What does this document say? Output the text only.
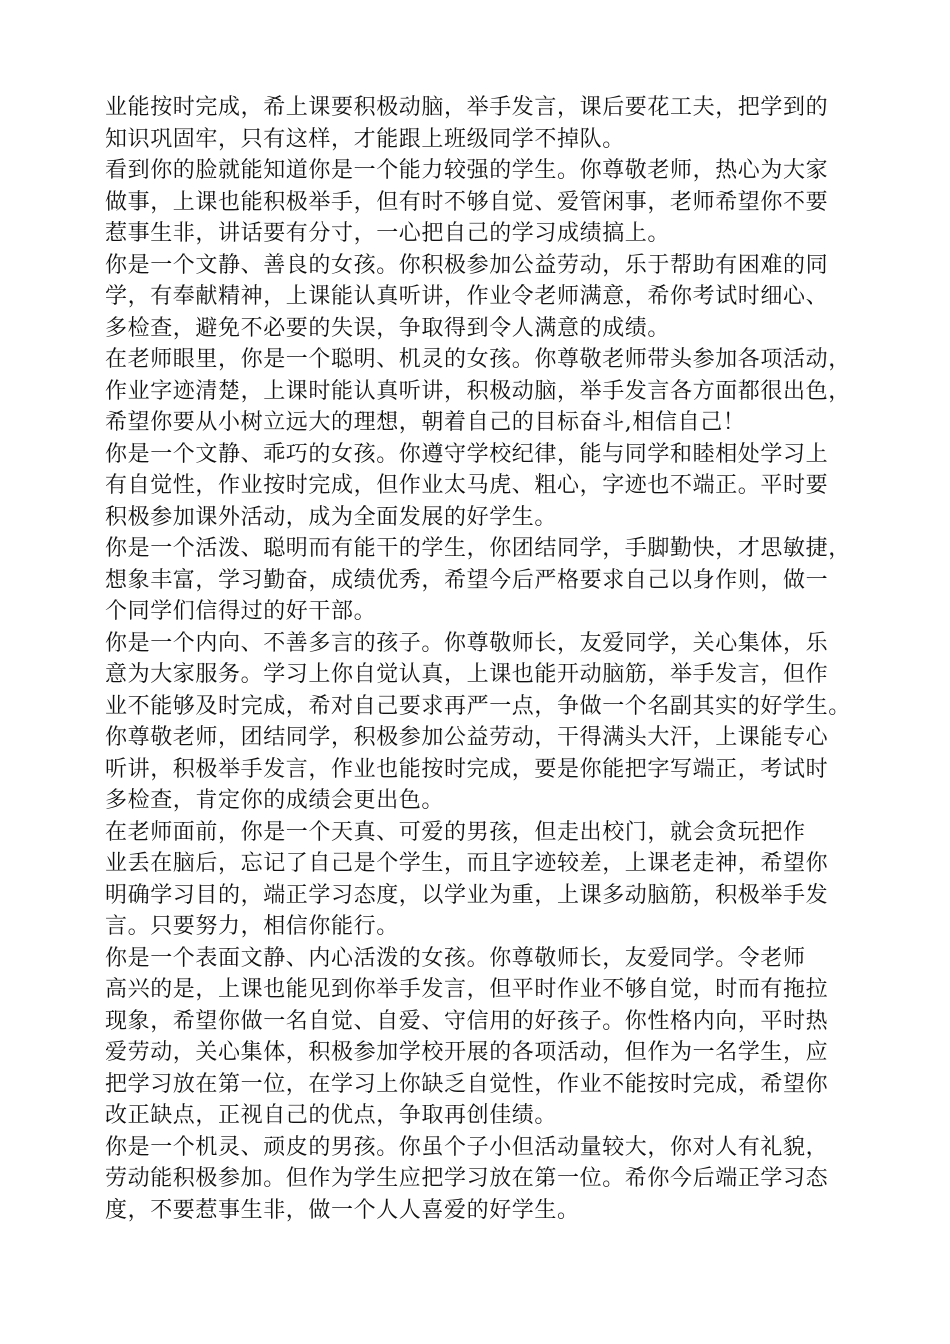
业能按时完成，希上课要积极动脑，举手发言，课后要花工夫，把学到的
知识巩固牢，只有这样，才能跟上班级同学不掉队。
看到你的脸就能知道你是一个能力较强的学生。你尊敬老师，热心为大家
做事，上课也能积极举手，但有时不够自觉、爱管闲事，老师希望你不要
惹事生非，讲话要有分寸，一心把自己的学习成绩搞上。
你是一个文静、善良的女孩。你积极参加公益劳动，乐于帮助有困难的同
学，有奉献精神，上课能认真听讲，作业令老师满意，希你考试时细心、
多检查，避免不必要的失误，争取得到令人满意的成绩。
在老师眼里，你是一个聪明、机灵的女孩。你尊敬老师带头参加各项活动，
作业字迹清楚，上课时能认真听讲，积极动脑，举手发言各方面都很出色，
希望你要从小树立远大的理想，朝着自己的目标奋斗,相信自己！
你是一个文静、乖巧的女孩。你遵守学校纪律，能与同学和睦相处学习上
有自觉性，作业按时完成，但作业太马虎、粗心，字迹也不端正。平时要
积极参加课外活动，成为全面发展的好学生。
你是一个活泼、聪明而有能干的学生，你团结同学，手脚勤快，才思敏捷，
想象丰富，学习勤奋，成绩优秀，希望今后严格要求自己以身作则，做一
个同学们信得过的好干部。
你是一个内向、不善多言的孩子。你尊敬师长，友爱同学，关心集体，乐
意为大家服务。学习上你自觉认真，上课也能开动脑筋，举手发言，但作
业不能够及时完成，希对自己要求再严一点，争做一个名副其实的好学生。
你尊敬老师，团结同学，积极参加公益劳动，干得满头大汗，上课能专心
听讲，积极举手发言，作业也能按时完成，要是你能把字写端正，考试时
多检查，肯定你的成绩会更出色。
在老师面前，你是一个天真、可爱的男孩，但走出校门，就会贪玩把作
业丢在脑后，忘记了自己是个学生，而且字迹较差，上课老走神，希望你
明确学习目的，端正学习态度，以学业为重，上课多动脑筋，积极举手发
言。只要努力，相信你能行。
你是一个表面文静、内心活泼的女孩。你尊敬师长，友爱同学。令老师
高兴的是，上课也能见到你举手发言，但平时作业不够自觉，时而有拖拉
现象，希望你做一名自觉、自爱、守信用的好孩子。你性格内向，平时热
爱劳动，关心集体，积极参加学校开展的各项活动，但作为一名学生，应
把学习放在第一位，在学习上你缺乏自觉性，作业不能按时完成，希望你
改正缺点，正视自己的优点，争取再创佳绩。
你是一个机灵、顽皮的男孩。你虽个子小但活动量较大，你对人有礼貌，
劳动能积极参加。但作为学生应把学习放在第一位。希你今后端正学习态
度，不要惹事生非，做一个人人喜爱的好学生。
